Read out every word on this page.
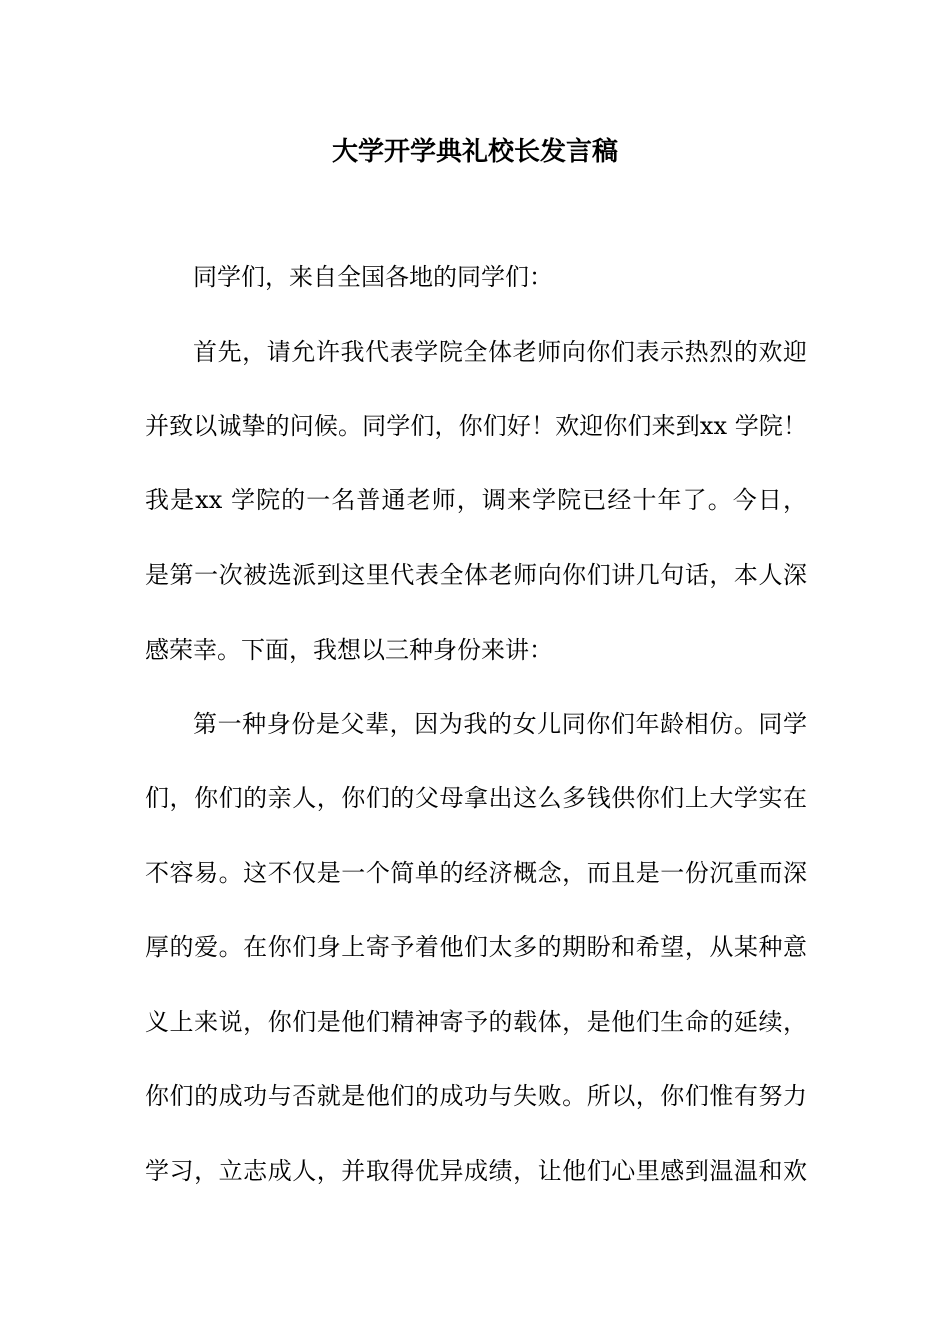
大学开学典礼校长发言稿
同学们，来自全国各地的同学们：
首先，请允许我代表学院全体老师向你们表示热烈的欢迎
并致以诚挚的问候。同学们，你们好！欢迎你们来到xx 学院！
我是xx 学院的一名普通老师，调来学院已经十年了。今日，
是第一次被选派到这里代表全体老师向你们讲几句话，本人深
感荣幸。下面，我想以三种身份来讲：
第一种身份是父辈，因为我的女儿同你们年龄相仿。同学
们，你们的亲人，你们的父母拿出这么多钱供你们上大学实在
不容易。这不仅是一个简单的经济概念，而且是一份沉重而深
厚的爱。在你们身上寄予着他们太多的期盼和希望，从某种意
义上来说，你们是他们精神寄予的载体，是他们生命的延续，
你们的成功与否就是他们的成功与失败。所以，你们惟有努力
学习，立志成人，并取得优异成绩，让他们心里感到温温和欢
